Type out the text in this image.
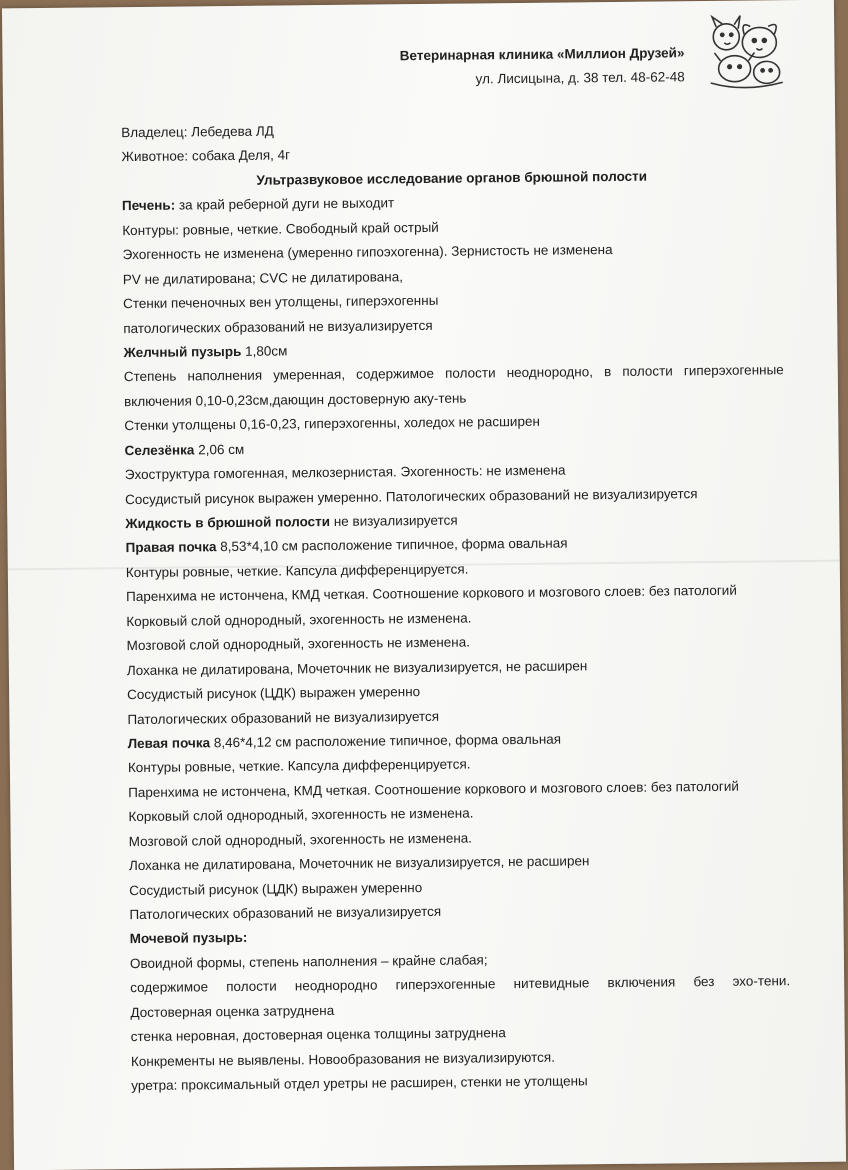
Ветеринарная клиника «Миллион Друзей»
ул. Лисицына, д. 38 тел. 48-62-48
Владелец: Лебедева ЛД
Животное: собака Деля, 4г
Ультразвуковое исследование органов брюшной полости
Печень: за край реберной дуги не выходит
Контуры: ровные, четкие. Свободный край острый
Эхогенность не изменена (умеренно гипоэхогенна). Зернистость не изменена
PV не дилатирована; CVC не дилатирована,
Стенки печеночных вен утолщены, гиперэхогенны
патологических образований не визуализируется
Желчный пузырь 1,80см
Степень наполнения умеренная, содержимое полости неоднородно, в полости гиперэхогенные
включения 0,10-0,23см,дающин достоверную аку-тень
Стенки утолщены 0,16-0,23, гиперэхогенны, холедох не расширен
Селезёнка 2,06 см
Эхоструктура гомогенная, мелкозернистая. Эхогенность: не изменена
Сосудистый рисунок выражен умеренно. Патологических образований не визуализируется
Жидкость в брюшной полости не визуализируется
Правая почка 8,53*4,10 см расположение типичное, форма овальная
Контуры ровные, четкие. Капсула дифференцируется.
Паренхима не истончена, КМД четкая. Соотношение коркового и мозгового слоев: без патологий
Корковый слой однородный, эхогенность не изменена.
Мозговой слой однородный, эхогенность не изменена.
Лоханка не дилатирована, Мочеточник не визуализируется, не расширен
Сосудистый рисунок (ЦДК) выражен умеренно
Патологических образований не визуализируется
Левая почка 8,46*4,12 см расположение типичное, форма овальная
Контуры ровные, четкие. Капсула дифференцируется.
Паренхима не истончена, КМД четкая. Соотношение коркового и мозгового слоев: без патологий
Корковый слой однородный, эхогенность не изменена.
Мозговой слой однородный, эхогенность не изменена.
Лоханка не дилатирована, Мочеточник не визуализируется, не расширен
Сосудистый рисунок (ЦДК) выражен умеренно
Патологических образований не визуализируется
Мочевой пузырь:
Овоидной формы, степень наполнения – крайне слабая;
содержимое полости неоднородно гиперэхогенные нитевидные включения без эхо-тени.
Достоверная оценка затруднена
стенка неровная, достоверная оценка толщины затруднена
Конкременты не выявлены. Новообразования не визуализируются.
уретра: проксимальный отдел уретры не расширен, стенки не утолщены
